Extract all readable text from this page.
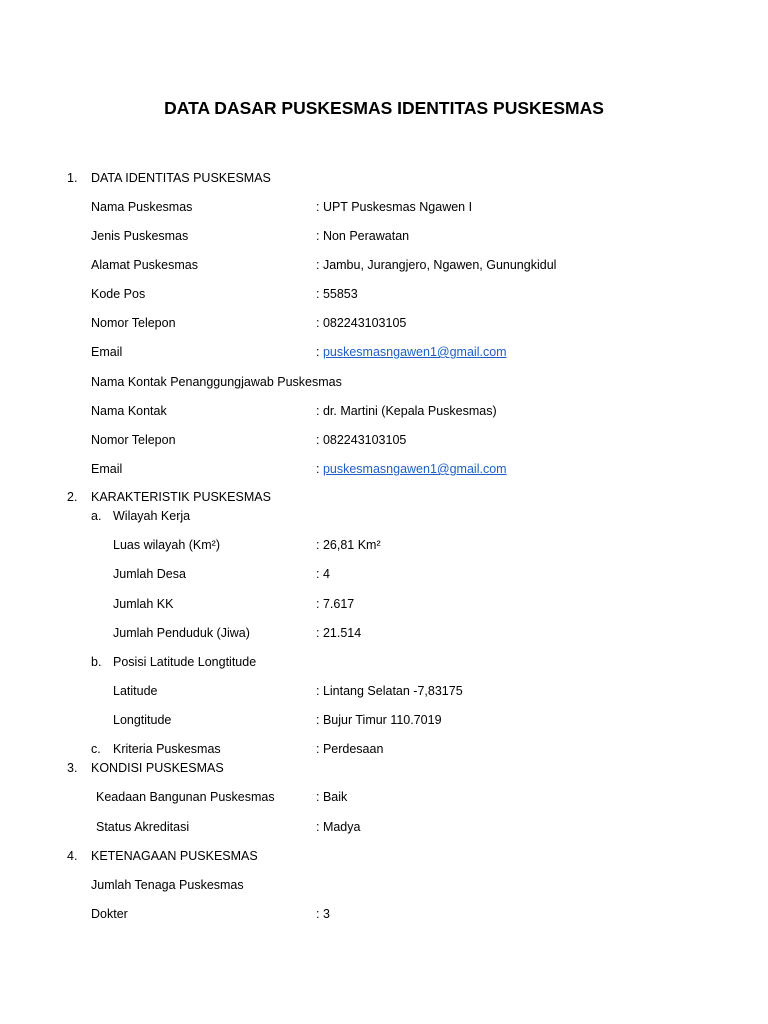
DATA DASAR PUSKESMAS IDENTITAS PUSKESMAS
1. DATA IDENTITAS PUSKESMAS
Nama Puskesmas	: UPT Puskesmas Ngawen I
Jenis Puskesmas	: Non Perawatan
Alamat Puskesmas	: Jambu, Jurangjero, Ngawen, Gunungkidul
Kode Pos	: 55853
Nomor Telepon	: 082243103105
Email	: puskesmasngawen1@gmail.com
Nama Kontak Penanggungjawab Puskesmas
Nama Kontak	: dr. Martini (Kepala Puskesmas)
Nomor Telepon	: 082243103105
Email	: puskesmasngawen1@gmail.com
2. KARAKTERISTIK PUSKESMAS
a. Wilayah Kerja
Luas wilayah (Km²)	: 26,81 Km²
Jumlah Desa	: 4
Jumlah KK	: 7.617
Jumlah Penduduk (Jiwa)	: 21.514
b. Posisi Latitude Longtitude
Latitude	: Lintang Selatan -7,83175
Longtitude	: Bujur Timur 110.7019
c. Kriteria Puskesmas	: Perdesaan
3. KONDISI PUSKESMAS
Keadaan Bangunan Puskesmas	: Baik
Status Akreditasi	: Madya
4. KETENAGAAN PUSKESMAS
Jumlah Tenaga Puskesmas
Dokter	: 3
